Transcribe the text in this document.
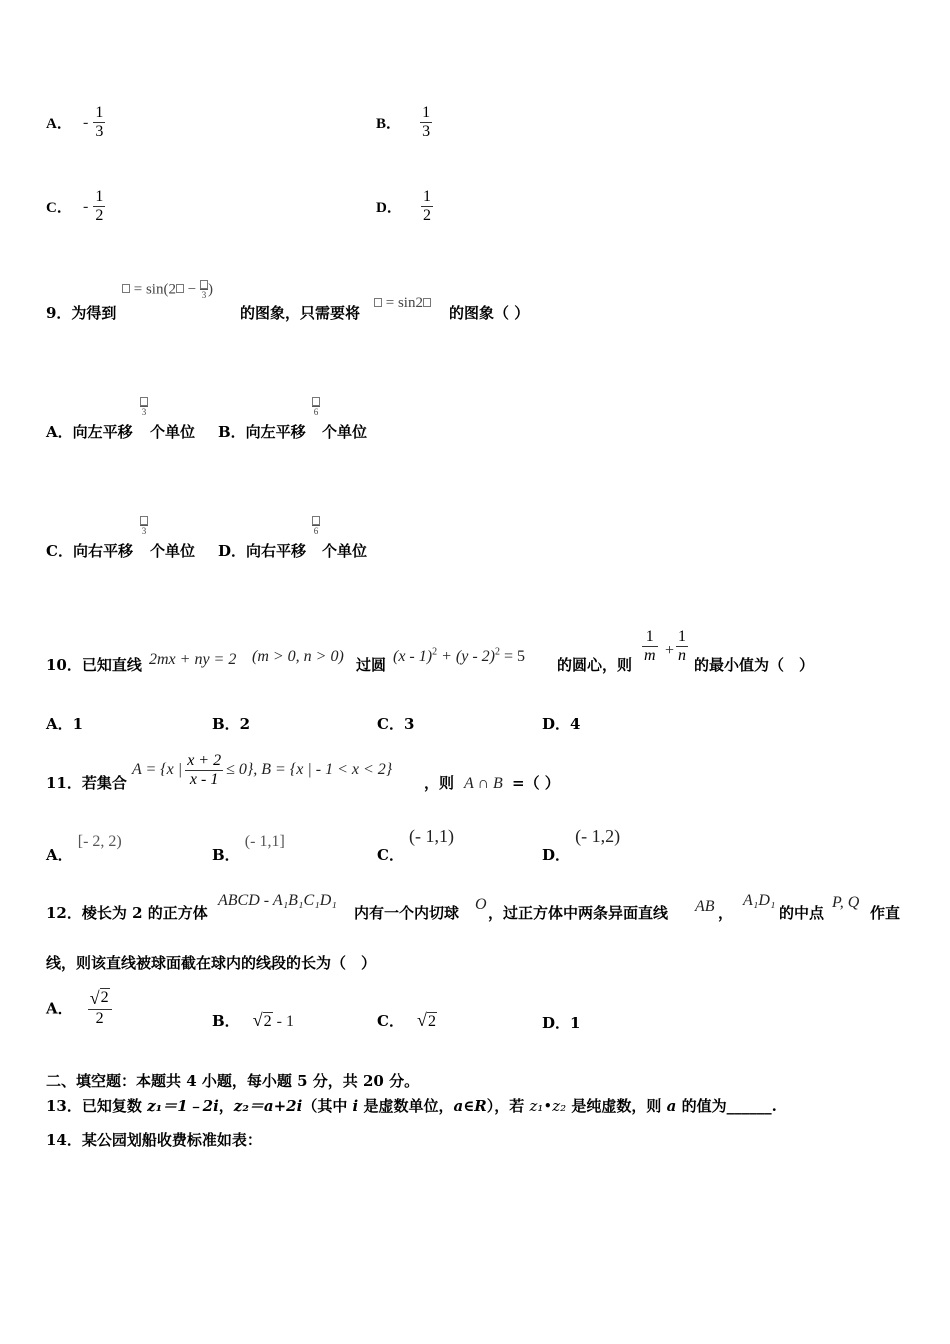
A． - $\frac{1}{3}$	B． $\frac{1}{3}$
C． - $\frac{1}{2}$	D． $\frac{1}{2}$
9．为得到
= sin(2 − 3 )
的图象，只需要将
= sin2
的图象（ ）
A．向左平移
3
个单位 B．向左平移
6
个单位
C．向右平移
3
个单位 D．向右平移
6
个单位
10．已知直线 2mx + ny = 2 (m > 0, n > 0) 过圆 (x - 1)$^2$ + (y - 2)$^2$ = 5 的圆心，则
1
m +
1
n
的最小值为（　）
A．1	B．2	C．3	D．4
11．若集合
A = {x | $\frac{x + 2}{x - 1} \le 0$} , B = {x | - 1 < x < 2}
，则 A ∩ B =（ ）
A． [- 2, 2)
B． (- 1,1]
C． (- 1,1)
D． (- 1,2)
12．棱长为 2 的正方体
ABCD - A₁B₁C₁D₁
内有一个内切球 O ，过正方体中两条异面直线 AB ，
A₁D₁
的中点
P, Q
作直
线，则该直线被球面截在球内的线段的长为（　）
A． $\frac{√ 2}{2}$	B． √ 2 - 1	C． √ 2	D．1
二、填空题：本题共 4 小题，每小题 5 分，共 20 分。
13．已知复数 z₁＝1﹣2i，z₂＝a+2i（其中 i 是虚数单位，a∈R），若 z₁•z₂ 是纯虚数，则 a 的值为______.
14．某公园划船收费标准如表：
